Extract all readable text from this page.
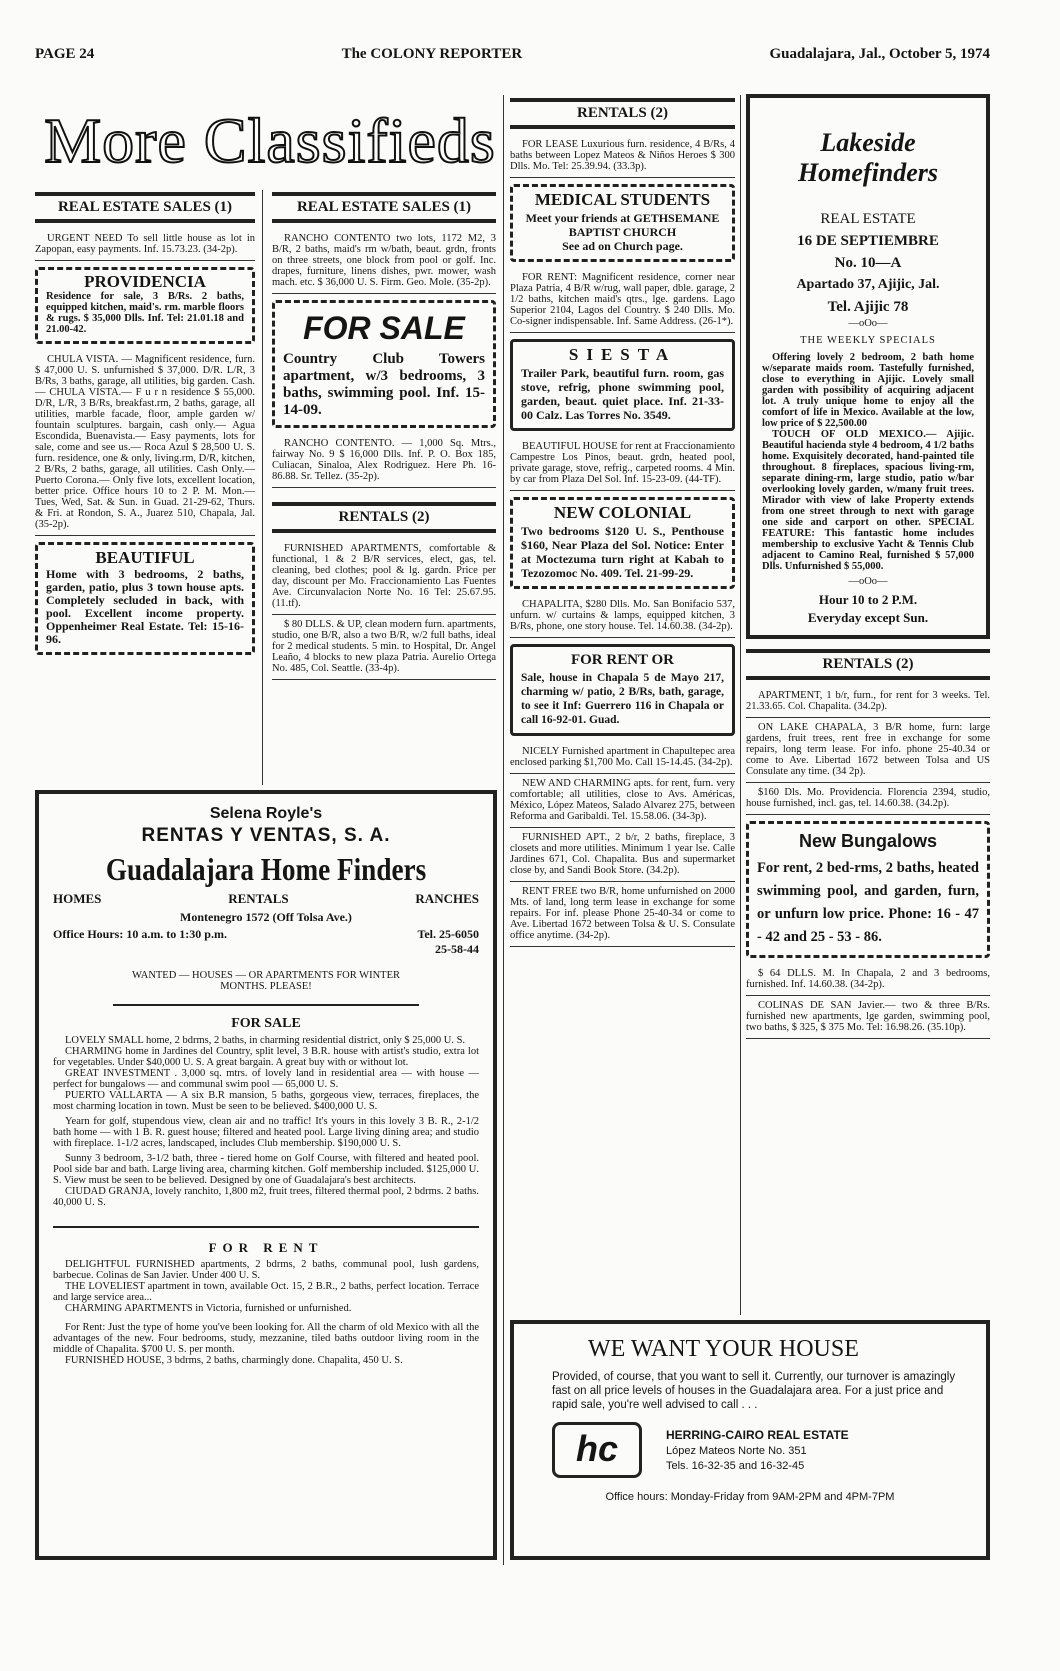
PAGE 24	The COLONY REPORTER	Guadalajara, Jal., October 5, 1974
More Classifieds
REAL ESTATE SALES (1)

URGENT NEED To sell little house as lot in Zapopan, easy payments. Inf. 15.73.23. (34-2p).

PROVIDENCIA

Residence for sale, 3 B/Rs. 2 baths, equipped kitchen, maid's. rm. marble floors & rugs. $ 35,000 Dlls. Inf. Tel: 21.01.18 and 21.00-42.

CHULA VISTA. — Magnificent residence, furn. $ 47,000 U. S. unfurnished $ 37,000. D/R. L/R, 3 B/Rs, 3 baths, garage, all utilities, big garden. Cash.— CHULA VISTA.— F u r n residence $ 55,000. D/R, L/R, 3 B/Rs, breakfast.rm, 2 baths, garage, all utilities, marble facade, floor, ample garden w/ fountain sculptures. bargain, cash only.— Agua Escondida, Buenavista.— Easy payments, lots for sale, come and see us.— Roca Azul $ 28,500 U. S. furn. residence, one & only, living.rm, D/R, kitchen, 2 B/Rs, 2 baths, garage, all utilities. Cash Only.— Puerto Corona.— Only five lots, excellent location, better price. Office hours 10 to 2 P. M. Mon.— Tues, Wed, Sat. & Sun. in Guad. 21-29-62, Thurs. & Fri. at Rondon, S. A., Juarez 510, Chapala, Jal. (35-2p).

BEAUTIFUL

Home with 3 bedrooms, 2 baths, garden, patio, plus 3 town house apts. Completely secluded in back, with pool. Excellent income property. Oppenheimer Real Estate. Tel: 15-16-96.

REAL ESTATE SALES (1)

RANCHO CONTENTO two lots, 1172 M2, 3 B/R, 2 baths, maid's rm w/bath, beaut. grdn, fronts on three streets, one block from pool or golf. Inc. drapes, furniture, linens dishes, pwr. mower, wash mach. etc. $ 36,000 U. S. Firm. Geo. Mole. (35-2p).

FOR SALE

Country Club Towers apartment, w/3 bedrooms, 3 baths, swimming pool. Inf. 15-14-09.

RANCHO CONTENTO. — 1,000 Sq. Mtrs., fairway No. 9 $ 16,000 Dlls. Inf. P. O. Box 185, Culiacan, Sinaloa, Alex Rodriguez. Here Ph. 16-86.88. Sr. Tellez. (35-2p).

RENTALS (2)

FURNISHED APARTMENTS, comfortable & functional, 1 & 2 B/R services, elect, gas, tel. cleaning, bed clothes; pool & lg. gardn. Price per day, discount per Mo. Fraccionamiento Las Fuentes Ave. Circunvalacion Norte No. 16 Tel: 25.67.95. (11.tf).

$ 80 DLLS. & UP, clean modern furn. apartments, studio, one B/R, also a two B/R, w/2 full baths, ideal for 2 medical students. 5 min. to Hospital, Dr. Angel Leaño, 4 blocks to new plaza Patria. Aurelio Ortega No. 485, Col. Seattle. (33-4p).

RENTALS (2)

FOR LEASE Luxurious furn. residence, 4 B/Rs, 4 baths between Lopez Mateos & Niños Heroes $ 300 Dlls. Mo. Tel: 25.39.94. (33.3p).

MEDICAL STUDENTS

Meet your friends at GETHSEMANE BAPTIST CHURCH

See ad on Church page.

FOR RENT: Magnificent residence, corner near Plaza Patria, 4 B/R w/rug, wall paper, dble. garage, 2 1/2 baths, kitchen maid's qtrs., lge. gardens. Lago Superior 2104, Lagos del Country. $ 240 Dlls. Mo. Co-signer indispensable. Inf. Same Address. (26-1*).

SIESTA

Trailer Park, beautiful furn. room, gas stove, refrig, phone swimming pool, garden, beaut. quiet place. Inf. 21-33-00 Calz. Las Torres No. 3549.

BEAUTIFUL HOUSE for rent at Fraccionamiento Campestre Los Pinos, beaut. grdn, heated pool, private garage, stove, refrig., carpeted rooms. 4 Min. by car from Plaza Del Sol. Inf. 15-23-09. (44-TF).

NEW COLONIAL

Two bedrooms $120 U. S., Penthouse $160, Near Plaza del Sol. Notice: Enter at Moctezuma turn right at Kabah to Tezozomoc No. 409. Tel. 21-99-29.

CHAPALITA, $280 Dlls. Mo. San Bonifacio 537, unfurn. w/ curtains & lamps, equipped kitchen, 3 B/Rs, phone, one story house. Tel. 14.60.38. (34-2p).

FOR RENT OR

Sale, house in Chapala 5 de Mayo 217, charming w/ patio, 2 B/Rs, bath, garage, to see it Inf: Guerrero 116 in Chapala or call 16-92-01. Guad.

NICELY Furnished apartment in Chapultepec area enclosed parking $1,700 Mo. Call 15-14.45. (34-2p).

NEW AND CHARMING apts. for rent, furn. very comfortable; all utilities, close to Avs. Américas, México, López Mateos, Salado Alvarez 275, between Reforma and Garibaldi. Tel. 15.58.06. (34-3p).

FURNISHED APT., 2 b/r, 2 baths, fireplace, 3 closets and more utilities. Minimum 1 year lse. Calle Jardines 671, Col. Chapalita. Bus and supermarket close by, and Sandi Book Store. (34.2p).

RENT FREE two B/R, home unfurnished on 2000 Mts. of land, long term lease in exchange for some repairs. For inf. please Phone 25-40-34 or come to Ave. Libertad 1672 between Tolsa & U. S. Consulate office anytime. (34-2p).

Lakeside Homefinders
REAL ESTATE
16 DE SEPTIEMBRE
No. 10—A
Apartado 37, Ajijic, Jal.
Tel. Ajijic 78
—oOo—
THE WEEKLY SPECIALS

Offering lovely 2 bedroom, 2 bath home w/separate maids room. Tastefully furnished, close to everything in Ajijic. Lovely small garden with possibility of acquiring adjacent lot. A truly unique home to enjoy all the comfort of life in Mexico. Available at the low, low price of $ 22,500.00

TOUCH OF OLD MEXICO.— Ajijic. Beautiful hacienda style 4 bedroom, 4 1/2 baths home. Exquisitely decorated, hand-painted tile throughout. 8 fireplaces, spacious living-rm, separate dining-rm, large studio, patio w/bar overlooking lovely garden, w/many fruit trees. Mirador with view of lake Property extends from one street through to next with garage one side and carport on other. SPECIAL FEATURE: This fantastic home includes membership to exclusive Yacht & Tennis Club adjacent to Camino Real, furnished $ 57,000 Dlls. Unfurnished $ 55,000.

—oOo—
Hour 10 to 2 P.M.
Everyday except Sun.
RENTALS (2)

APARTMENT, 1 b/r, furn., for rent for 3 weeks. Tel. 21.33.65. Col. Chapalita. (34.2p).

ON LAKE CHAPALA, 3 B/R home, furn: large gardens, fruit trees, rent free in exchange for some repairs, long term lease. For info. phone 25-40.34 or come to Ave. Libertad 1672 between Tolsa and US Consulate any time. (34 2p).

$160 Dls. Mo. Providencia. Florencia 2394, studio, house furnished, incl. gas, tel. 14.60.38. (34.2p).

New Bungalows

For rent, 2 bed-rms, 2 baths, heated swimming pool, and garden, furn, or unfurn low price. Phone: 16 - 47 - 42 and 25 - 53 - 86.

$ 64 DLLS. M. In Chapala, 2 and 3 bedrooms, furnished. Inf. 14.60.38. (34-2p).

COLINAS DE SAN Javier.— two & three B/Rs. furnished new apartments, lge garden, swimming pool, two baths, $ 325, $ 375 Mo. Tel: 16.98.26. (35.10p).

Selena Royle's
RENTAS Y VENTAS, S. A.
Guadalajara Home Finders
HOMES	RENTALS	RANCHES
Montenegro 1572 (Off Tolsa Ave.)
Office Hours: 10 a.m. to 1:30 p.m.	Tel. 25-6050
25-58-44
WANTED — HOUSES — OR APARTMENTS FOR WINTER MONTHS. PLEASE!
FOR SALE

LOVELY SMALL home, 2 bdrms, 2 baths, in charming residential district, only $ 25,000 U. S.

CHARMING home in Jardines del Country, split level, 3 B.R. house with artist's studio, extra lot for vegetables. Under $40,000 U. S. A great bargain. A great buy with or without lot.

GREAT INVESTMENT . 3,000 sq. mtrs. of lovely land in residential area — with house — perfect for bungalows — and communal swim pool — 65,000 U. S.

PUERTO VALLARTA — A six B.R mansion, 5 baths, gorgeous view, terraces, fireplaces, the most charming location in town. Must be seen to be believed. $400,000 U. S.

Yearn for golf, stupendous view, clean air and no traffic! It's yours in this lovely 3 B. R., 2-1/2 bath home — with 1 B. R. guest house; filtered and heated pool. Large living dining area; and studio with fireplace. 1-1/2 acres, landscaped, includes Club membership. $190,000 U. S.

Sunny 3 bedroom, 3-1/2 bath, three - tiered home on Golf Course, with filtered and heated pool. Pool side bar and bath. Large living area, charming kitchen. Golf membership included. $125,000 U. S. View must be seen to be believed. Designed by one of Guadalajara's best architects.

CIUDAD GRANJA, lovely ranchito, 1,800 m2, fruit trees, filtered thermal pool, 2 bdrms. 2 baths. 40,000 U. S.

FOR RENT

DELIGHTFUL FURNISHED apartments, 2 bdrms, 2 baths, communal pool, lush gardens, barbecue. Colinas de San Javier. Under 400 U. S.

THE LOVELIEST apartment in town, available Oct. 15, 2 B.R., 2 baths, perfect location. Terrace and large service area...

CHARMING APARTMENTS in Victoria, furnished or unfurnished.

For Rent: Just the type of home you've been looking for. All the charm of old Mexico with all the advantages of the new. Four bedrooms, study, mezzanine, tiled baths outdoor living room in the middle of Chapalita. $700 U. S. per month.

FURNISHED HOUSE, 3 bdrms, 2 baths, charmingly done. Chapalita, 450 U. S.	WE WANT YOUR HOUSE

Provided, of course, that you want to sell it. Currently, our turnover is amazingly fast on all price levels of houses in the Guadalajara area. For a just price and rapid sale, you're well advised to call . . .

hc	HERRING-CAIRO REAL ESTATE
López Mateos Norte No. 351
Tels. 16-32-35 and 16-32-45
Office hours: Monday-Friday from 9AM-2PM and 4PM-7PM
